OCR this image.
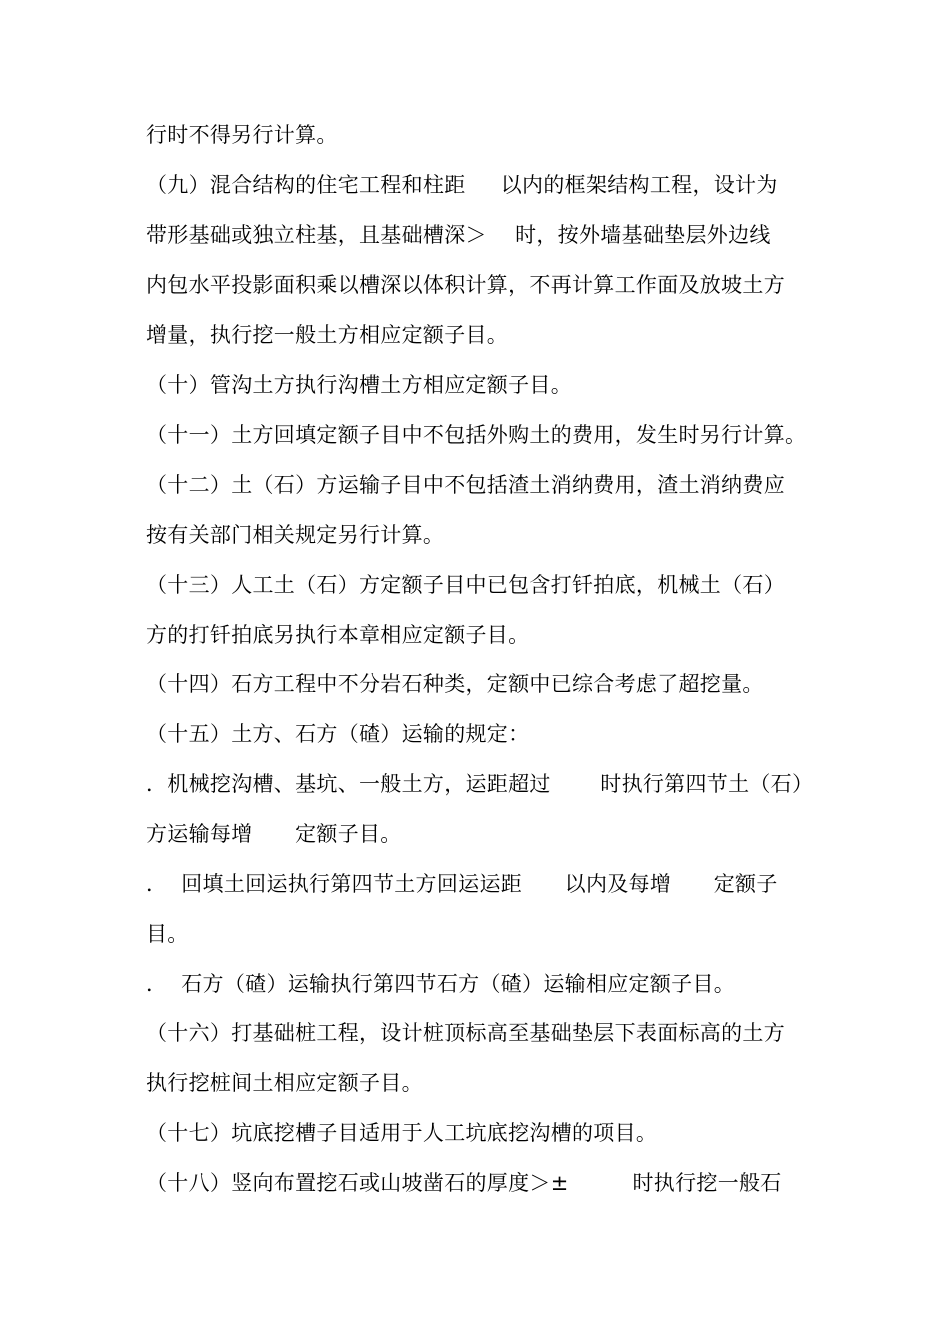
行时不得另行计算。
（九）混合结构的住宅工程和柱距　  以内的框架结构工程，设计为
带形基础或独立柱基，且基础槽深＞　 时，按外墙基础垫层外边线
内包水平投影面积乘以槽深以体积计算，不再计算工作面及放坡土方
增量，执行挖一般土方相应定额子目。
（十）管沟土方执行沟槽土方相应定额子目。
（十一）土方回填定额子目中不包括外购土的费用，发生时另行计算。
（十二）土（石）方运输子目中不包括渣土消纳费用，渣土消纳费应
按有关部门相关规定另行计算。
（十三）人工土（石）方定额子目中已包含打钎拍底，机械土（石）
方的打钎拍底另执行本章相应定额子目。
（十四）石方工程中不分岩石种类，定额中已综合考虑了超挖量。
（十五）土方、石方（碴）运输的规定：
．机械挖沟槽、基坑、一般土方，运距超过　　 时执行第四节土（石）
方运输每增　　定额子目。
．  回填土回运执行第四节土方回运运距　　以内及每增　　定额子
目。
．  石方（碴）运输执行第四节石方（碴）运输相应定额子目。
（十六）打基础桩工程，设计桩顶标高至基础垫层下表面标高的土方
执行挖桩间土相应定额子目。
（十七）坑底挖槽子目适用于人工坑底挖沟槽的项目。
（十八）竖向布置挖石或山坡凿石的厚度＞±　　　时执行挖一般石
